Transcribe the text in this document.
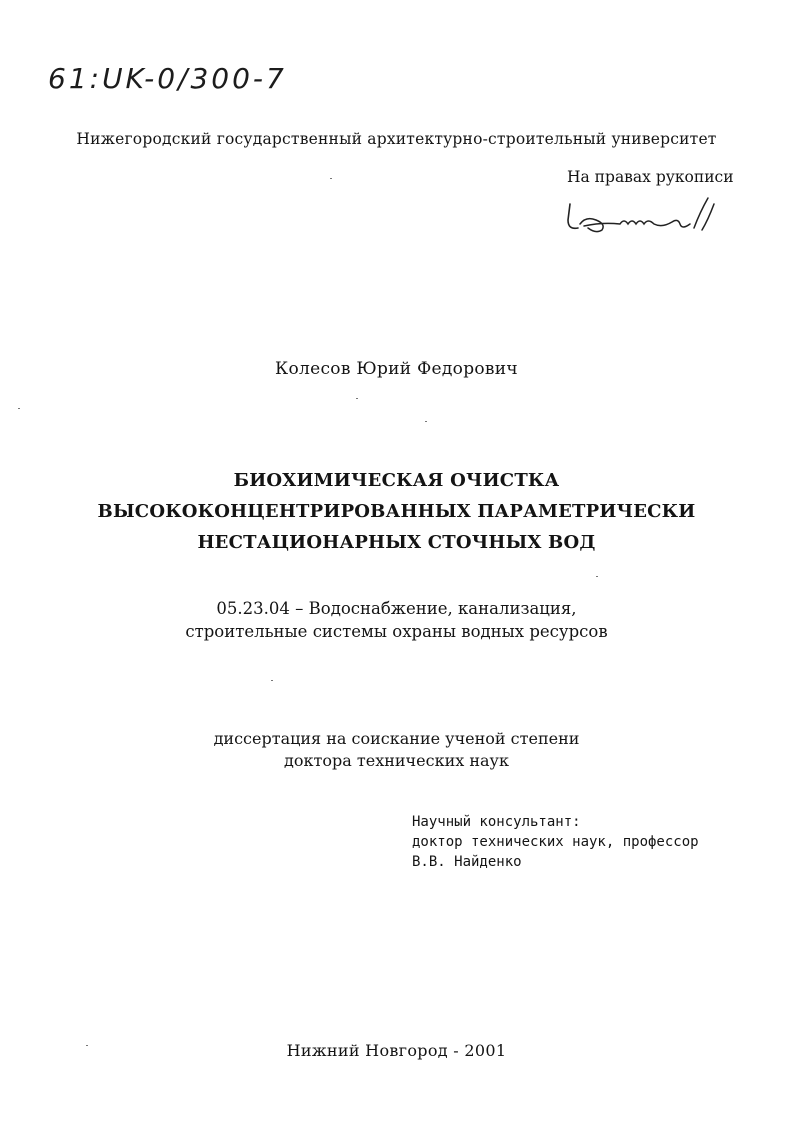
61:UK-0/300-7
Нижегородский государственный архитектурно-строительный университет
На правах рукописи
Колесов Юрий Федорович
БИОХИМИЧЕСКАЯ ОЧИСТКА
ВЫСОКОКОНЦЕНТРИРОВАННЫХ ПАРАМЕТРИЧЕСКИ
НЕСТАЦИОНАРНЫХ СТОЧНЫХ ВОД
05.23.04 – Водоснабжение, канализация,
строительные системы охраны водных ресурсов
диссертация на соискание ученой степени
доктора технических наук
Научный консультант:
доктор технических наук, профессор
В.В. Найденко
Нижний Новгород - 2001
